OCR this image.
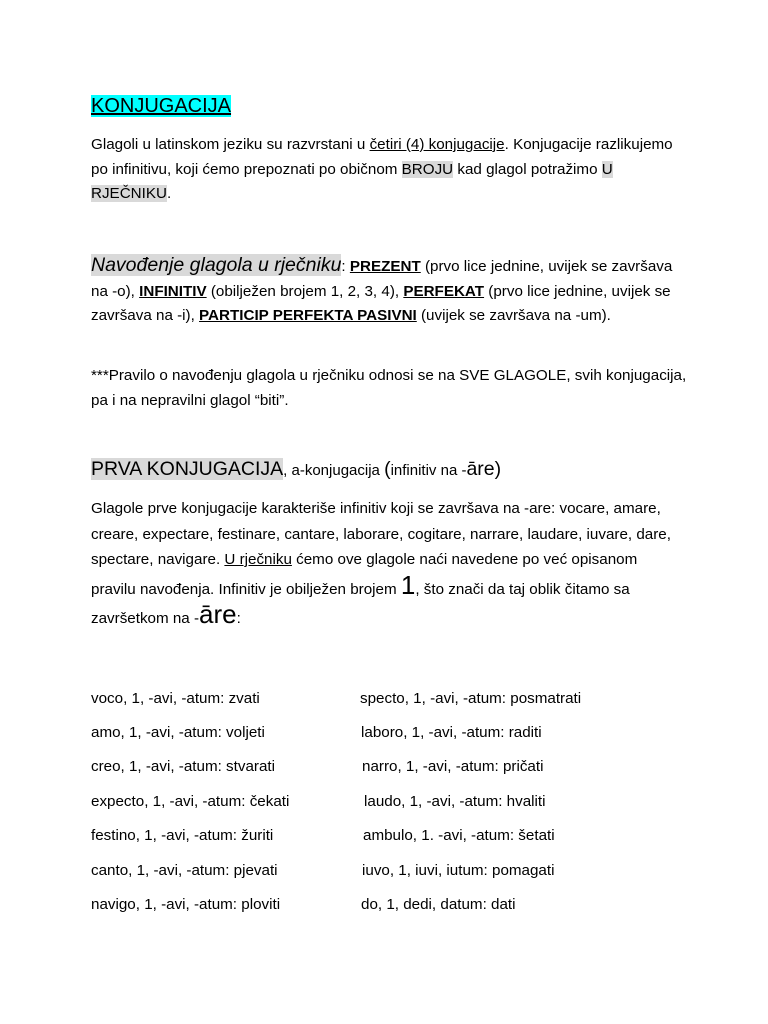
KONJUGACIJA

Glagoli u latinskom jeziku su razvrstani u četiri (4) konjugacije. Konjugacije razlikujemo po infinitivu, koji ćemo prepoznati po običnom BROJU kad glagol potražimo U RJEČNIKU.

Navođenje glagola u rječniku: PREZENT (prvo lice jednine, uvijek se završava na -o), INFINITIV (obilježen brojem 1, 2, 3, 4), PERFEKAT (prvo lice jednine, uvijek se završava na -i), PARTICIP PERFEKTA PASIVNI (uvijek se završava na -um).

***Pravilo o navođenju glagola u rječniku odnosi se na SVE GLAGOLE, svih konjugacija, pa i na nepravilni glagol “biti”.

PRVA KONJUGACIJA, a-konjugacija (infinitiv na -āre)

Glagole prve konjugacije karakteriše infinitiv koji se završava na -are: vocare, amare, creare, expectare, festinare, cantare, laborare, cogitare, narrare, laudare, iuvare, dare, spectare, navigare. U rječniku ćemo ove glagole naći navedene po već opisanom pravilu navođenja. Infinitiv je obilježen brojem 1, što znači da taj oblik čitamo sa završetkom na -āre:

voco, 1, -avi, -atum: zvati
amo, 1, -avi, -atum: voljeti
creo, 1, -avi, -atum: stvarati
expecto, 1, -avi, -atum: čekati
festino, 1, -avi, -atum: žuriti
canto, 1, -avi, -atum: pjevati
navigo, 1, -avi, -atum: ploviti
specto, 1, -avi, -atum: posmatrati
laboro, 1, -avi, -atum: raditi
narro, 1, -avi, -atum: pričati
laudo, 1, -avi, -atum: hvaliti
ambulo, 1. -avi, -atum: šetati
iuvo, 1, iuvi, iutum: pomagati
do, 1, dedi, datum: dati
